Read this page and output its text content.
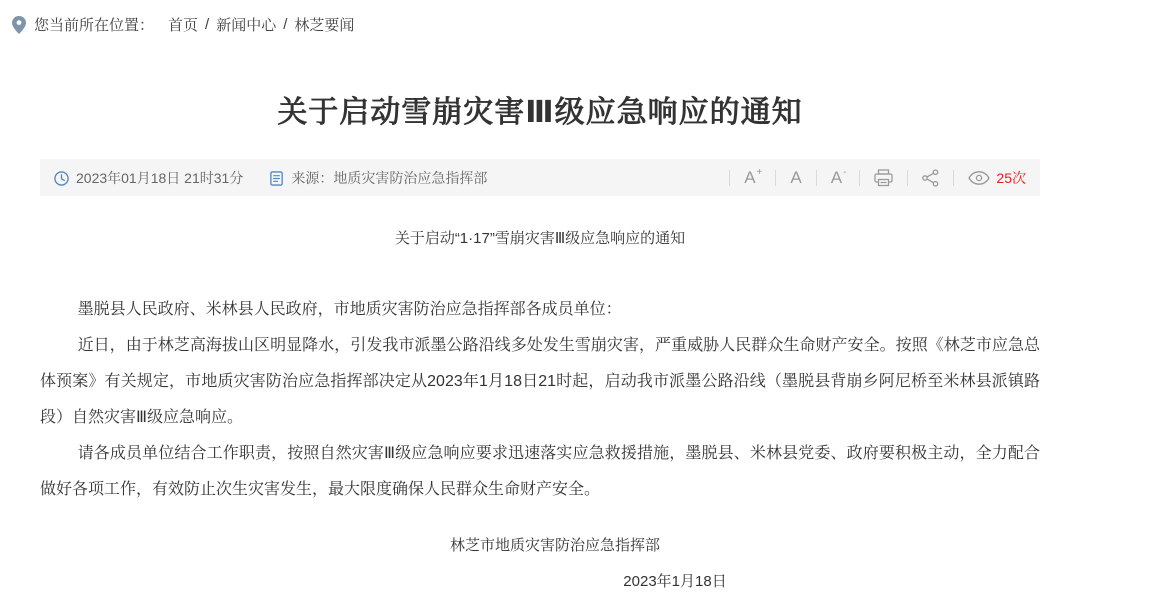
您当前所在位置： 首页 / 新闻中心 / 林芝要闻
关于启动雪崩灾害Ⅲ级应急响应的通知
2023年01月18日 21时31分	来源：地质灾害防治应急指挥部	A+ A A-	25次
关于启动“1·17”雪崩灾害Ⅲ级应急响应的通知

墨脱县人民政府、米林县人民政府，市地质灾害防治应急指挥部各成员单位：

近日，由于林芝高海拔山区明显降水，引发我市派墨公路沿线多处发生雪崩灾害，严重威胁人民群众生命财产安全。按照《林芝市应急总体预案》有关规定，市地质灾害防治应急指挥部决定从2023年1月18日21时起，启动我市派墨公路沿线（墨脱县背崩乡阿尼桥至米林县派镇路段）自然灾害Ⅲ级应急响应。

请各成员单位结合工作职责，按照自然灾害Ⅲ级应急响应要求迅速落实应急救援措施，墨脱县、米林县党委、政府要积极主动，全力配合做好各项工作，有效防止次生灾害发生，最大限度确保人民群众生命财产安全。

林芝市地质灾害防治应急指挥部

2023年1月18日
